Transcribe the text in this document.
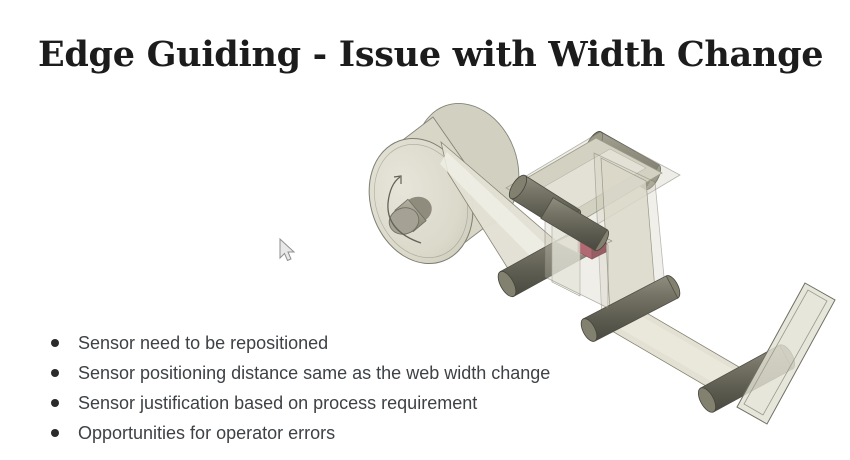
Edge Guiding - Issue with Width Change
Sensor need to be repositioned
Sensor positioning distance same as the web width change
Sensor justification based on process requirement
Opportunities for operator errors
